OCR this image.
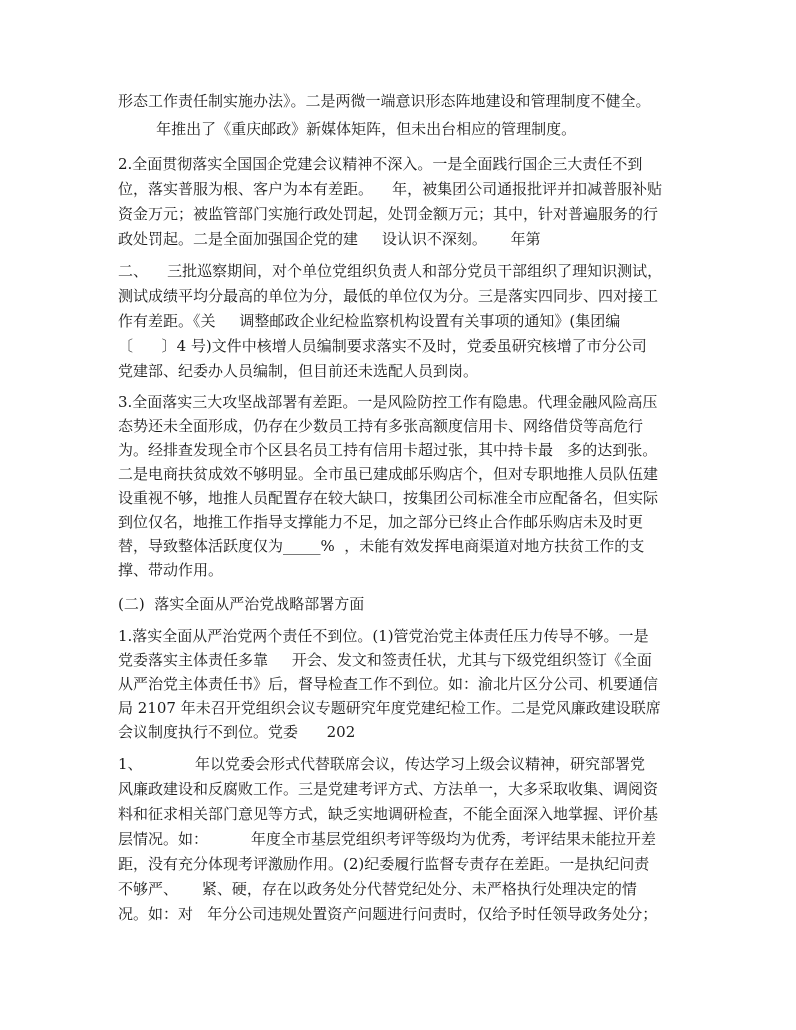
形态工作责任制实施办法》。二是两微一端意识形态阵地建设和管理制度不健全。
年推出了《重庆邮政》新媒体矩阵，但未出台相应的管理制度。
2.全面贯彻落实全国国企党建会议精神不深入。一是全面践行国企三大责任不到
位，落实普服为根、客户为本有差距。    年，被集团公司通报批评并扣减普服补贴
资金万元；被监管部门实施行政处罚起，处罚金额万元；其中，针对普遍服务的行
政处罚起。二是全面加强国企党的建     设认识不深刻。     年第
二、    三批巡察期间，对个单位党组织负责人和部分党员干部组织了理知识测试，
测试成绩平均分最高的单位为分，最低的单位仅为分。三是落实四同步、四对接工
作有差距。《关     调整邮政企业纪检监察机构设置有关事项的通知》(集团编
〔      〕4 号)文件中核增人员编制要求落实不及时，党委虽研究核增了市分公司
党建部、纪委办人员编制，但目前还未选配人员到岗。
3.全面落实三大攻坚战部署有差距。一是风险防控工作有隐患。代理金融风险高压
态势还未全面形成，仍存在少数员工持有多张高额度信用卡、网络借贷等高危行
为。经排查发现全市个区县名员工持有信用卡超过张，其中持卡最   多的达到张。
二是电商扶贫成效不够明显。全市虽已建成邮乐购店个，但对专职地推人员队伍建
设重视不够，地推人员配置存在较大缺口，按集团公司标准全市应配备名，但实际
到位仅名，地推工作指导支撑能力不足，加之部分已终止合作邮乐购店未及时更
替，导致整体活跃度仅为_____%  ，未能有效发挥电商渠道对地方扶贫工作的支
撑、带动作用。
(二)  落实全面从严治党战略部署方面
1.落实全面从严治党两个责任不到位。(1)管党治党主体责任压力传导不够。一是
党委落实主体责任多靠     开会、发文和签责任状，尤其与下级党组织签订《全面
从严治党主体责任书》后，督导检查工作不到位。如：渝北片区分公司、机要通信
局 2107 年未召开党组织会议专题研究年度党建纪检工作。二是党风廉政建设联席
会议制度执行不到位。党委      202
1、           年以党委会形式代替联席会议，传达学习上级会议精神，研究部署党
风廉政建设和反腐败工作。三是党建考评方式、方法单一，大多采取收集、调阅资
料和征求相关部门意见等方式，缺乏实地调研检查，不能全面深入地掌握、评价基
层情况。如：         年度全市基层党组织考评等级均为优秀，考评结果未能拉开差
距，没有充分体现考评激励作用。(2)纪委履行监督专责存在差距。一是执纪问责
不够严、     紧、硬，存在以政务处分代替党纪处分、未严格执行处理决定的情
况。如：对   年分公司违规处置资产问题进行问责时，仅给予时任领导政务处分；
